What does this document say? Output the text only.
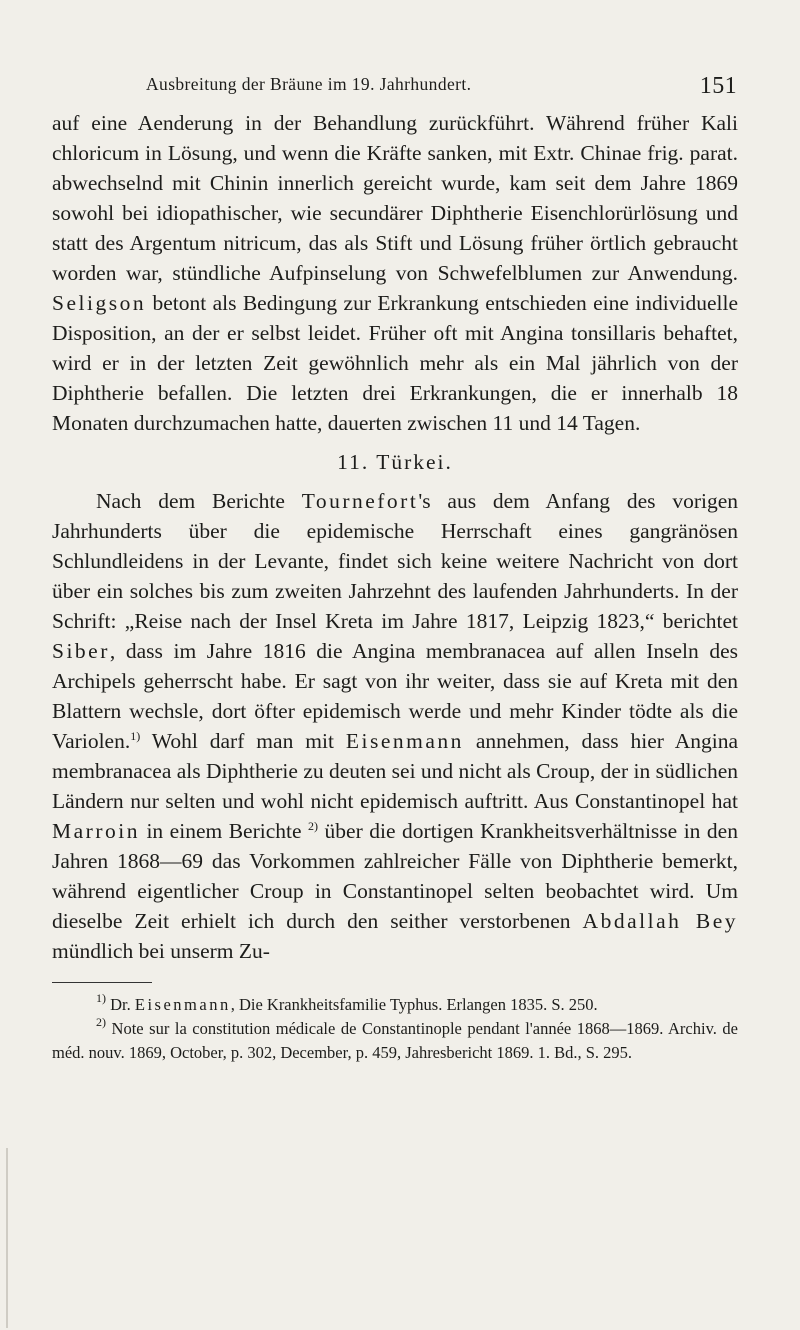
Ausbreitung der Bräune im 19. Jahrhundert.	151

auf eine Aenderung in der Behandlung zurückführt. Während früher Kali chloricum in Lösung, und wenn die Kräfte sanken, mit Extr. Chinae frig. parat. abwechselnd mit Chinin innerlich gereicht wurde, kam seit dem Jahre 1869 sowohl bei idiopathischer, wie secundärer Diphtherie Eisenchlorürlösung und statt des Argentum nitricum, das als Stift und Lösung früher örtlich gebraucht worden war, stündliche Aufpinselung von Schwefelblumen zur Anwendung. Seligson betont als Bedingung zur Erkrankung entschieden eine individuelle Disposition, an der er selbst leidet. Früher oft mit Angina tonsillaris behaftet, wird er in der letzten Zeit gewöhnlich mehr als ein Mal jährlich von der Diphtherie befallen. Die letzten drei Erkrankungen, die er innerhalb 18 Monaten durchzumachen hatte, dauerten zwischen 11 und 14 Tagen.

11. Türkei.

Nach dem Berichte Tournefort's aus dem Anfang des vorigen Jahrhunderts über die epidemische Herrschaft eines gangränösen Schlundleidens in der Levante, findet sich keine weitere Nachricht von dort über ein solches bis zum zweiten Jahrzehnt des laufenden Jahrhunderts. In der Schrift: „Reise nach der Insel Kreta im Jahre 1817, Leipzig 1823,“ berichtet Siber, dass im Jahre 1816 die Angina membranacea auf allen Inseln des Archipels geherrscht habe. Er sagt von ihr weiter, dass sie auf Kreta mit den Blattern wechsle, dort öfter epidemisch werde und mehr Kinder tödte als die Variolen.$^{1)}$ Wohl darf man mit Eisenmann annehmen, dass hier Angina membranacea als Diphtherie zu deuten sei und nicht als Croup, der in südlichen Ländern nur selten und wohl nicht epidemisch auftritt. Aus Constantinopel hat Marroin in einem Berichte $^{2)}$ über die dortigen Krankheitsverhältnisse in den Jahren 1868—69 das Vorkommen zahlreicher Fälle von Diphtherie bemerkt, während eigentlicher Croup in Constantinopel selten beobachtet wird. Um dieselbe Zeit erhielt ich durch den seither verstorbenen Abdallah Bey mündlich bei unserm Zu-

$^{1)}$ Dr. Eisenmann, Die Krankheitsfamilie Typhus. Erlangen 1835. S. 250.

$^{2)}$ Note sur la constitution médicale de Constantinople pendant l'année 1868—1869. Archiv. de méd. nouv. 1869, October, p. 302, December, p. 459, Jahresbericht 1869. 1. Bd., S. 295.
